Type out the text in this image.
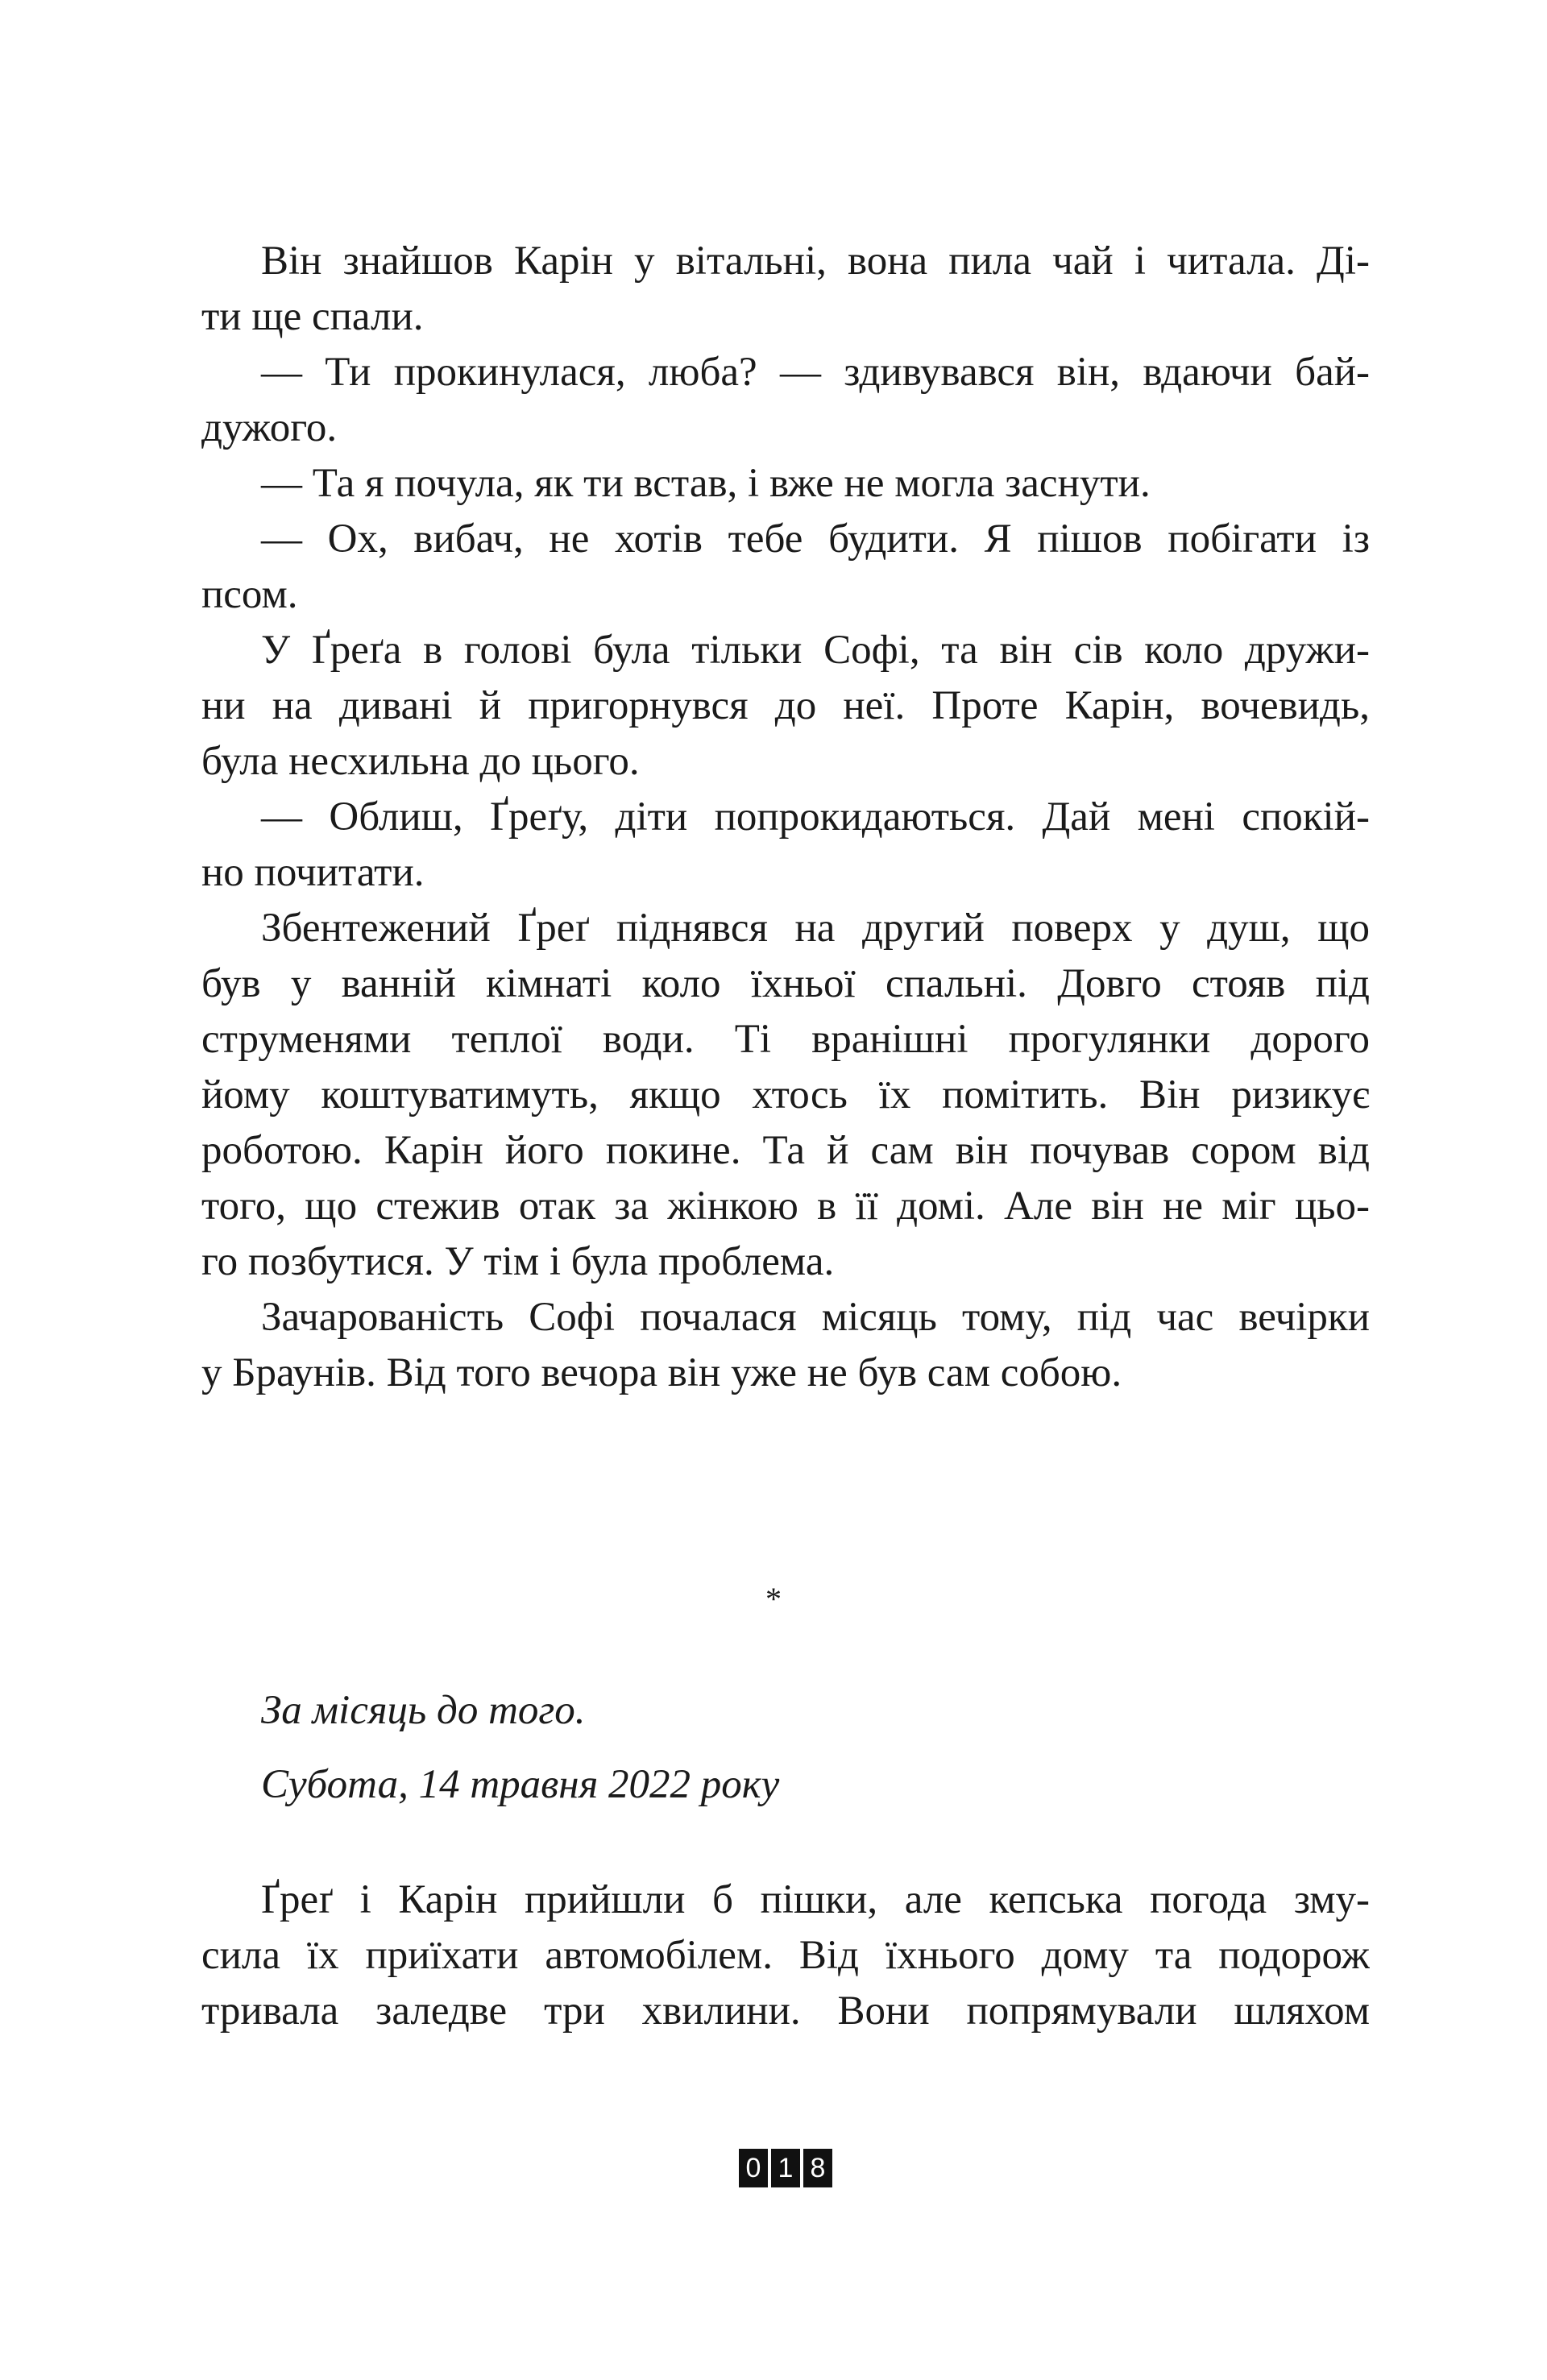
Він знайшов Карін у вітальні, вона пила чай і читала. Ді-
ти ще спали.
— Ти прокинулася, люба? — здивувався він, вдаючи бай-
дужого.
— Та я почула, як ти встав, і вже не могла заснути.
— Ох, вибач, не хотів тебе будити. Я пішов побігати із
псом.
У Ґреґа в голові була тільки Софі, та він сів коло дружи-
ни на дивані й пригорнувся до неї. Проте Карін, вочевидь,
була несхильна до цього.
— Облиш, Ґреґу, діти попрокидаються. Дай мені спокій-
но почитати.
Збентежений Ґреґ піднявся на другий поверх у душ, що
був у ванній кімнаті коло їхньої спальні. Довго стояв під
струменями теплої води. Ті вранішні прогулянки дорого
йому коштуватимуть, якщо хтось їх помітить. Він ризикує
роботою. Карін його покине. Та й сам він почував сором від
того, що стежив отак за жінкою в її домі. Але він не міг цьо-
го позбутися. У тім і була проблема.
Зачарованість Софі почалася місяць тому, під час вечірки
у Браунів. Від того вечора він уже не був сам собою.
*
За місяць до того.
Субота, 14 травня 2022 року
Ґреґ і Карін прийшли б пішки, але кепська погода зму-
сила їх приїхати автомобілем. Від їхнього дому та подорож
тривала заледве три хвилини. Вони попрямували шляхом
0 1 8
